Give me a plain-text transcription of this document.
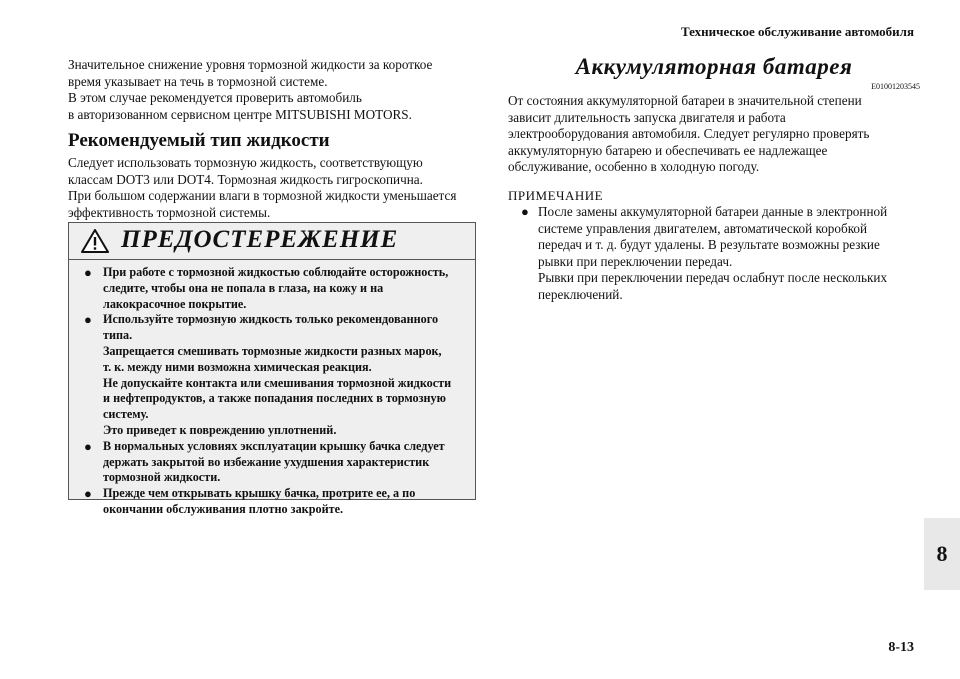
Техническое обслуживание автомобиля

Значительное снижение уровня тормозной жидкости за короткое

время указывает на течь в тормозной системе.

В этом случае рекомендуется проверить автомобиль

в авторизованном сервисном центре MITSUBISHI MOTORS.

Рекомендуемый тип жидкости

Следует использовать тормозную жидкость, соответствующую

классам DOT3 или DOT4. Тормозная жидкость гигроскопична.

При большом содержании влаги в тормозной жидкости уменьшается

эффективность тормозной системы.

ПРЕДОСТЕРЕЖЕНИЕ
● При работе с тормозной жидкостью соблюдайте осторожность,

следите, чтобы она не попала в глаза, на кожу и на

лакокрасочное покрытие.

● Используйте тормозную жидкость только рекомендованного

типа.

Запрещается смешивать тормозные жидкости разных марок,

т. к. между ними возможна химическая реакция.

Не допускайте контакта или смешивания тормозной жидкости

и нефтепродуктов, а также попадания последних в тормозную

систему.

Это приведет к повреждению уплотнений.

● В нормальных условиях эксплуатации крышку бачка следует

держать закрытой во избежание ухудшения характеристик

тормозной жидкости.

● Прежде чем открывать крышку бачка, протрите ее, а по

окончании обслуживания плотно закройте.

Аккумуляторная батарея

E01001203545

От состояния аккумуляторной батареи в значительной степени

зависит длительность запуска двигателя и работа

электрооборудования автомобиля. Следует регулярно проверять

аккумуляторную батарею и обеспечивать ее надлежащее

обслуживание, особенно в холодную погоду.

ПРИМЕЧАНИЕ

● После замены аккумуляторной батареи данные в электронной

системе управления двигателем, автоматической коробкой

передач и т. д. будут удалены. В результате возможны резкие

рывки при переключении передач.

Рывки при переключении передач ослабнут после нескольких

переключений.

8
8-13
